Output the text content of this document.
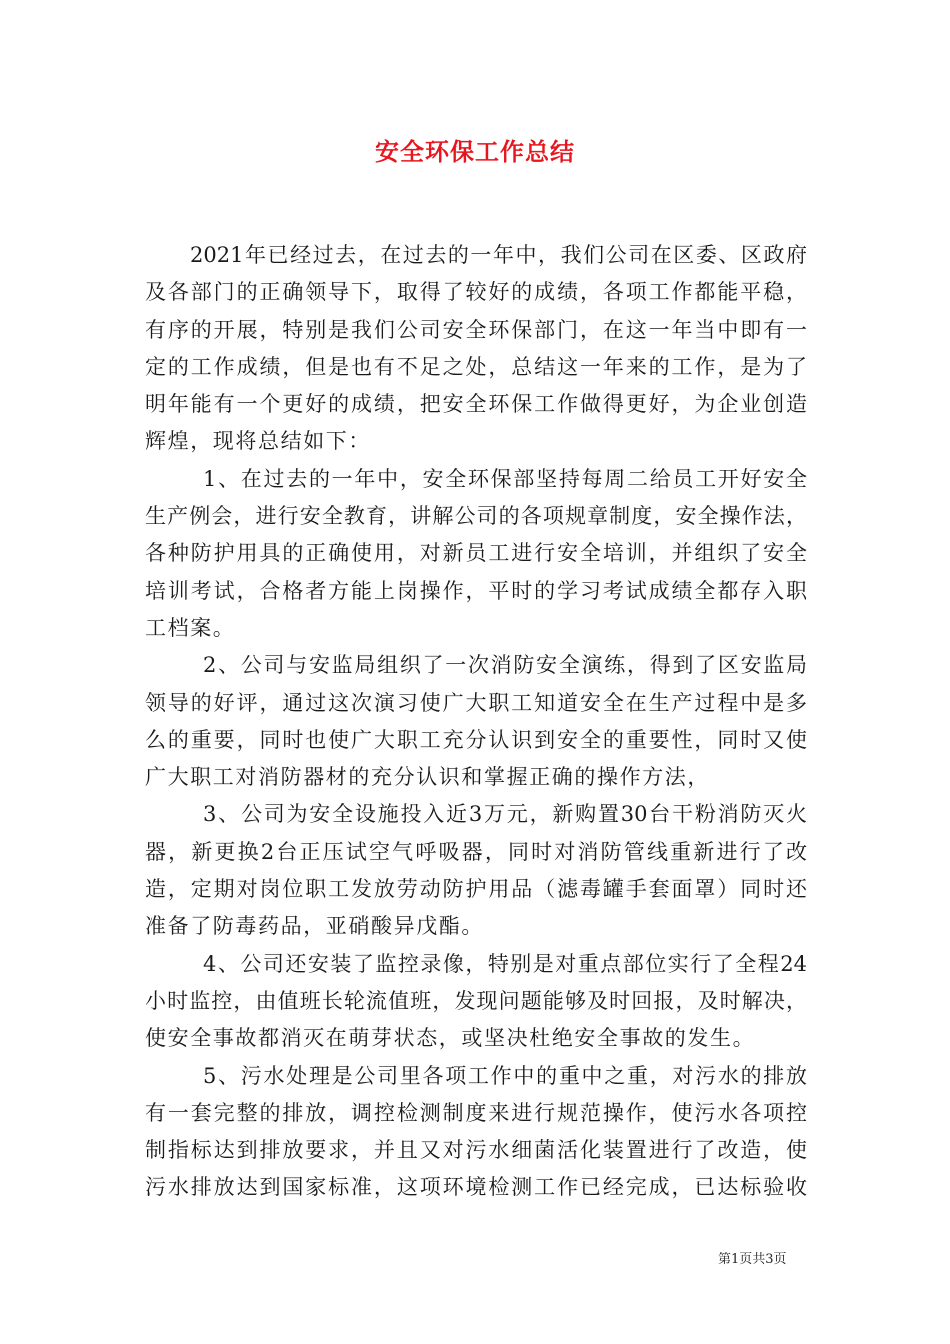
安全环保工作总结
2021年已经过去，在过去的一年中，我们公司在区委、区政府
及各部门的正确领导下，取得了较好的成绩，各项工作都能平稳，
有序的开展，特别是我们公司安全环保部门，在这一年当中即有一
定的工作成绩，但是也有不足之处，总结这一年来的工作，是为了
明年能有一个更好的成绩，把安全环保工作做得更好，为企业创造
辉煌，现将总结如下：
1、在过去的一年中，安全环保部坚持每周二给员工开好安全
生产例会，进行安全教育，讲解公司的各项规章制度，安全操作法，
各种防护用具的正确使用，对新员工进行安全培训，并组织了安全
培训考试，合格者方能上岗操作，平时的学习考试成绩全都存入职
工档案。
2、公司与安监局组织了一次消防安全演练，得到了区安监局
领导的好评，通过这次演习使广大职工知道安全在生产过程中是多
么的重要，同时也使广大职工充分认识到安全的重要性，同时又使
广大职工对消防器材的充分认识和掌握正确的操作方法，
3、公司为安全设施投入近3万元，新购置30台干粉消防灭火
器，新更换2台正压试空气呼吸器，同时对消防管线重新进行了改
造，定期对岗位职工发放劳动防护用品（滤毒罐手套面罩）同时还
准备了防毒药品，亚硝酸异戊酯。
4、公司还安装了监控录像，特别是对重点部位实行了全程24
小时监控，由值班长轮流值班，发现问题能够及时回报，及时解决，
使安全事故都消灭在萌芽状态，或坚决杜绝安全事故的发生。
5、污水处理是公司里各项工作中的重中之重，对污水的排放
有一套完整的排放，调控检测制度来进行规范操作，使污水各项控
制指标达到排放要求，并且又对污水细菌活化装置进行了改造，使
污水排放达到国家标准，这项环境检测工作已经完成，已达标验收
第1页共3页
